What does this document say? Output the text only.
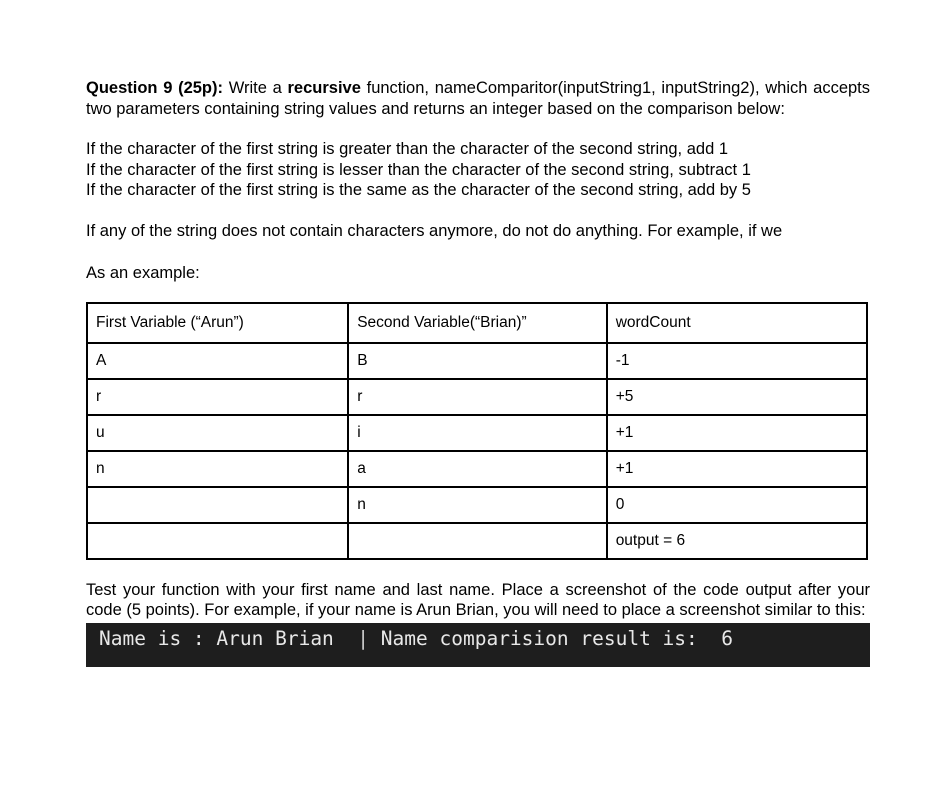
Question 9 (25p): Write a recursive function, nameComparitor(inputString1, inputString2), which accepts two parameters containing string values and returns an integer based on the comparison below:

If the character of the first string is greater than the character of the second string, add 1
If the character of the first string is lesser than the character of the second string, subtract 1
If the character of the first string is the same as the character of the second string, add by 5

If any of the string does not contain characters anymore, do not do anything. For example, if we

As an example:

First Variable (“Arun”)	Second Variable(“Brian)”	wordCount
A	B	-1
r	r	+5
u	i	+1
n	a	+1
	n	0
		output = 6

Test your function with your first name and last name. Place a screenshot of the code output after your code (5 points). For example, if your name is Arun Brian, you will need to place a screenshot similar to this:

Name is : Arun Brian | Name comparision result is:  6
